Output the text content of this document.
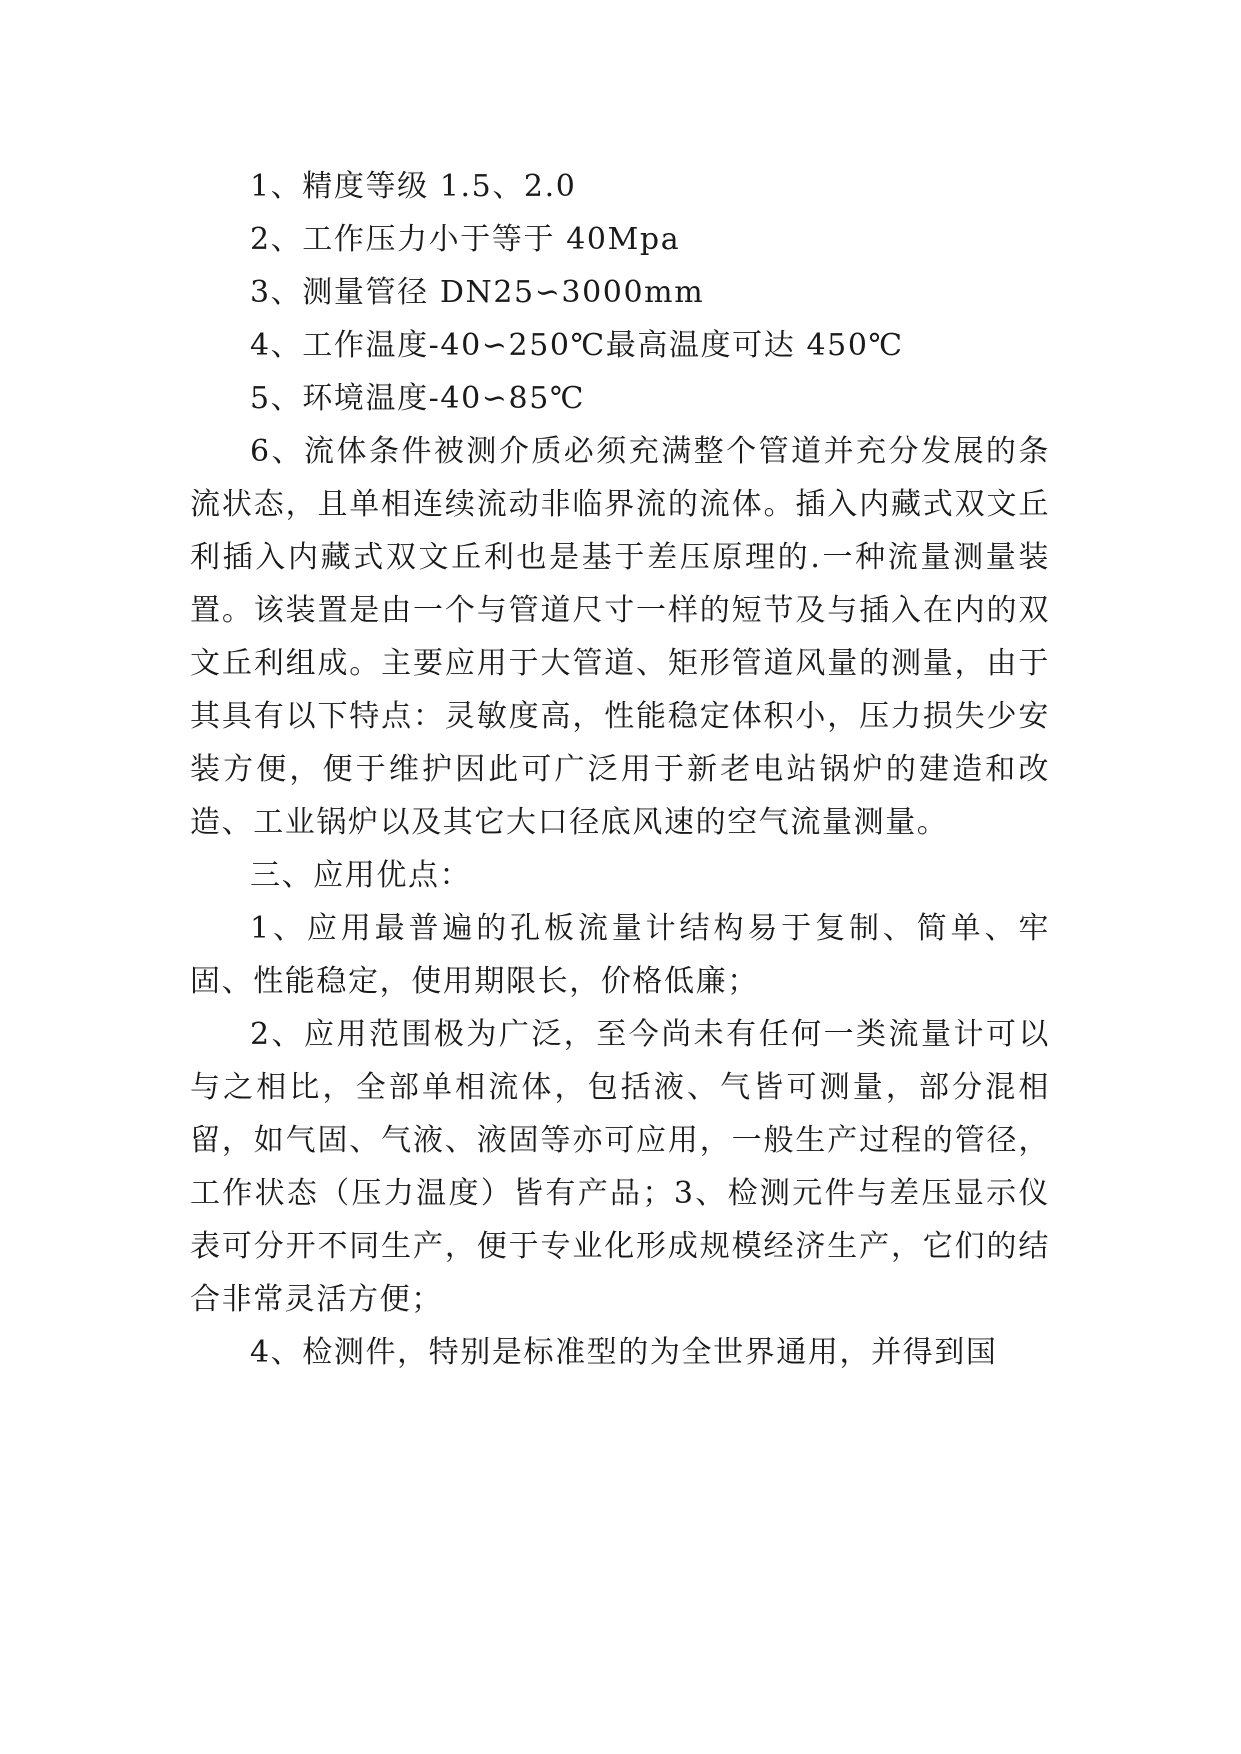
1、精度等级 1.5、2.0

2、工作压力小于等于 40Mpa

3、测量管径 DN25∽3000mm

4、工作温度-40∽250℃最高温度可达 450℃

5、环境温度-40∽85℃

6、流体条件被测介质必须充满整个管道并充分发展的条流状态，且单相连续流动非临界流的流体。插入内藏式双文丘利插入内藏式双文丘利也是基于差压原理的.一种流量测量装置。该装置是由一个与管道尺寸一样的短节及与插入在内的双文丘利组成。主要应用于大管道、矩形管道风量的测量，由于其具有以下特点：灵敏度高，性能稳定体积小，压力损失少安装方便，便于维护因此可广泛用于新老电站锅炉的建造和改造、工业锅炉以及其它大口径底风速的空气流量测量。

三、应用优点：

1、应用最普遍的孔板流量计结构易于复制、简单、牢固、性能稳定，使用期限长，价格低廉；

2、应用范围极为广泛，至今尚未有任何一类流量计可以与之相比，全部单相流体，包括液、气皆可测量，部分混相留，如气固、气液、液固等亦可应用，一般生产过程的管径，工作状态（压力温度）皆有产品；3、检测元件与差压显示仪表可分开不同生产，便于专业化形成规模经济生产，它们的结合非常灵活方便；

4、检测件，特别是标准型的为全世界通用，并得到国
